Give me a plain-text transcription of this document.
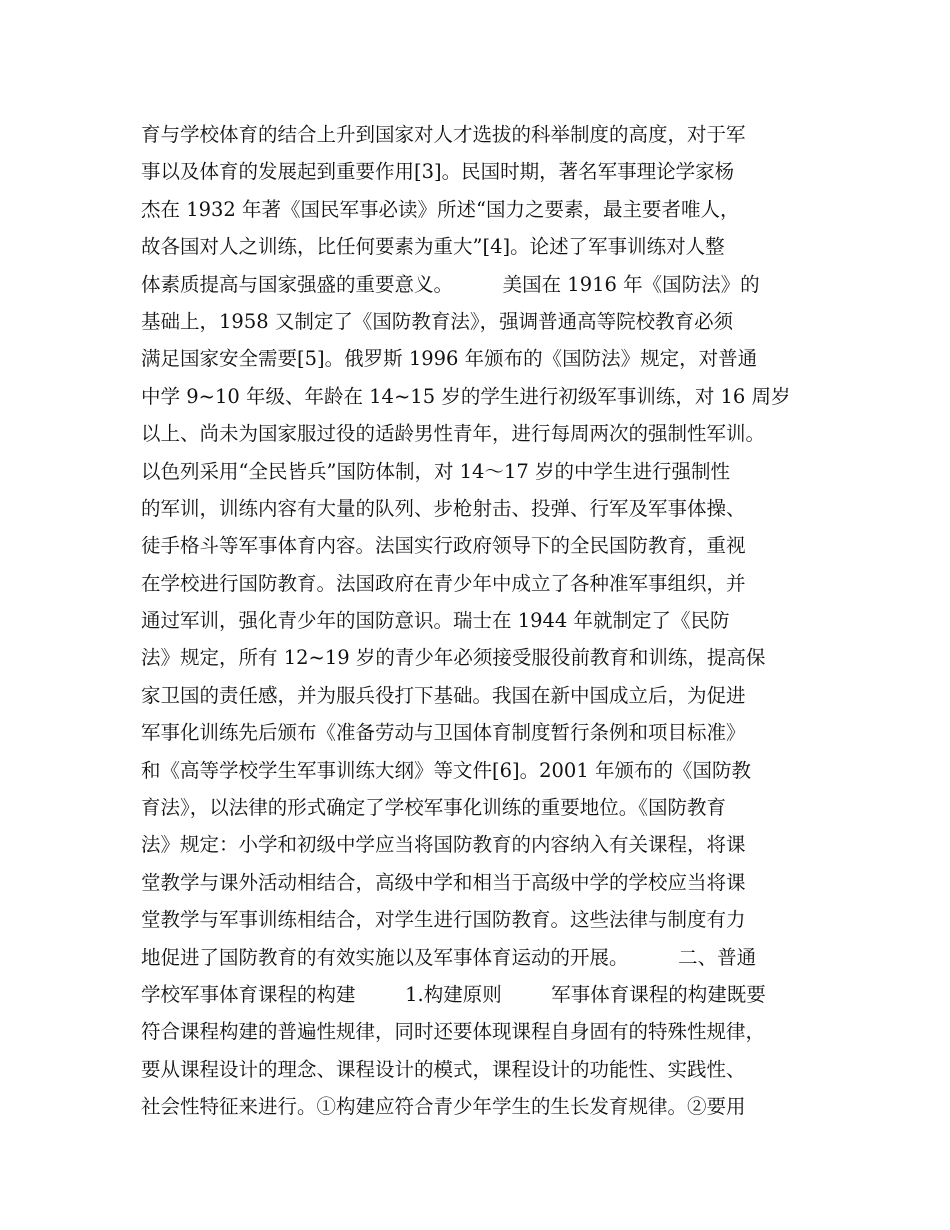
育与学校体育的结合上升到国家对人才选拔的科举制度的高度，对于军
事以及体育的发展起到重要作用[3]。民国时期，著名军事理论学家杨
杰在 1932 年著《国民军事必读》所述“国力之要素，最主要者唯人，
故各国对人之训练，比任何要素为重大”[4]。论述了军事训练对人整
体素质提高与国家强盛的重要意义。        美国在 1916 年《国防法》的
基础上，1958 又制定了《国防教育法》，强调普通高等院校教育必须
满足国家安全需要[5]。俄罗斯 1996 年颁布的《国防法》规定，对普通
中学 9~10 年级、年龄在 14~15 岁的学生进行初级军事训练，对 16 周岁
以上、尚未为国家服过役的适龄男性青年，进行每周两次的强制性军训。
以色列采用“全民皆兵”国防体制，对 14～17 岁的中学生进行强制性
的军训，训练内容有大量的队列、步枪射击、投弹、行军及军事体操、
徒手格斗等军事体育内容。法国实行政府领导下的全民国防教育，重视
在学校进行国防教育。法国政府在青少年中成立了各种准军事组织，并
通过军训，强化青少年的国防意识。瑞士在 1944 年就制定了《民防
法》规定，所有 12~19 岁的青少年必须接受服役前教育和训练，提高保
家卫国的责任感，并为服兵役打下基础。我国在新中国成立后，为促进
军事化训练先后颁布《准备劳动与卫国体育制度暂行条例和项目标准》
和《高等学校学生军事训练大纲》等文件[6]。2001 年颁布的《国防教
育法》，以法律的形式确定了学校军事化训练的重要地位。《国防教育
法》规定：小学和初级中学应当将国防教育的内容纳入有关课程，将课
堂教学与课外活动相结合，高级中学和相当于高级中学的学校应当将课
堂教学与军事训练相结合，对学生进行国防教育。这些法律与制度有力
地促进了国防教育的有效实施以及军事体育运动的开展。        二、普通
学校军事体育课程的构建        1.构建原则        军事体育课程的构建既要
符合课程构建的普遍性规律，同时还要体现课程自身固有的特殊性规律，
要从课程设计的理念、课程设计的模式，课程设计的功能性、实践性、
社会性特征来进行。①构建应符合青少年学生的生长发育规律。②要用
